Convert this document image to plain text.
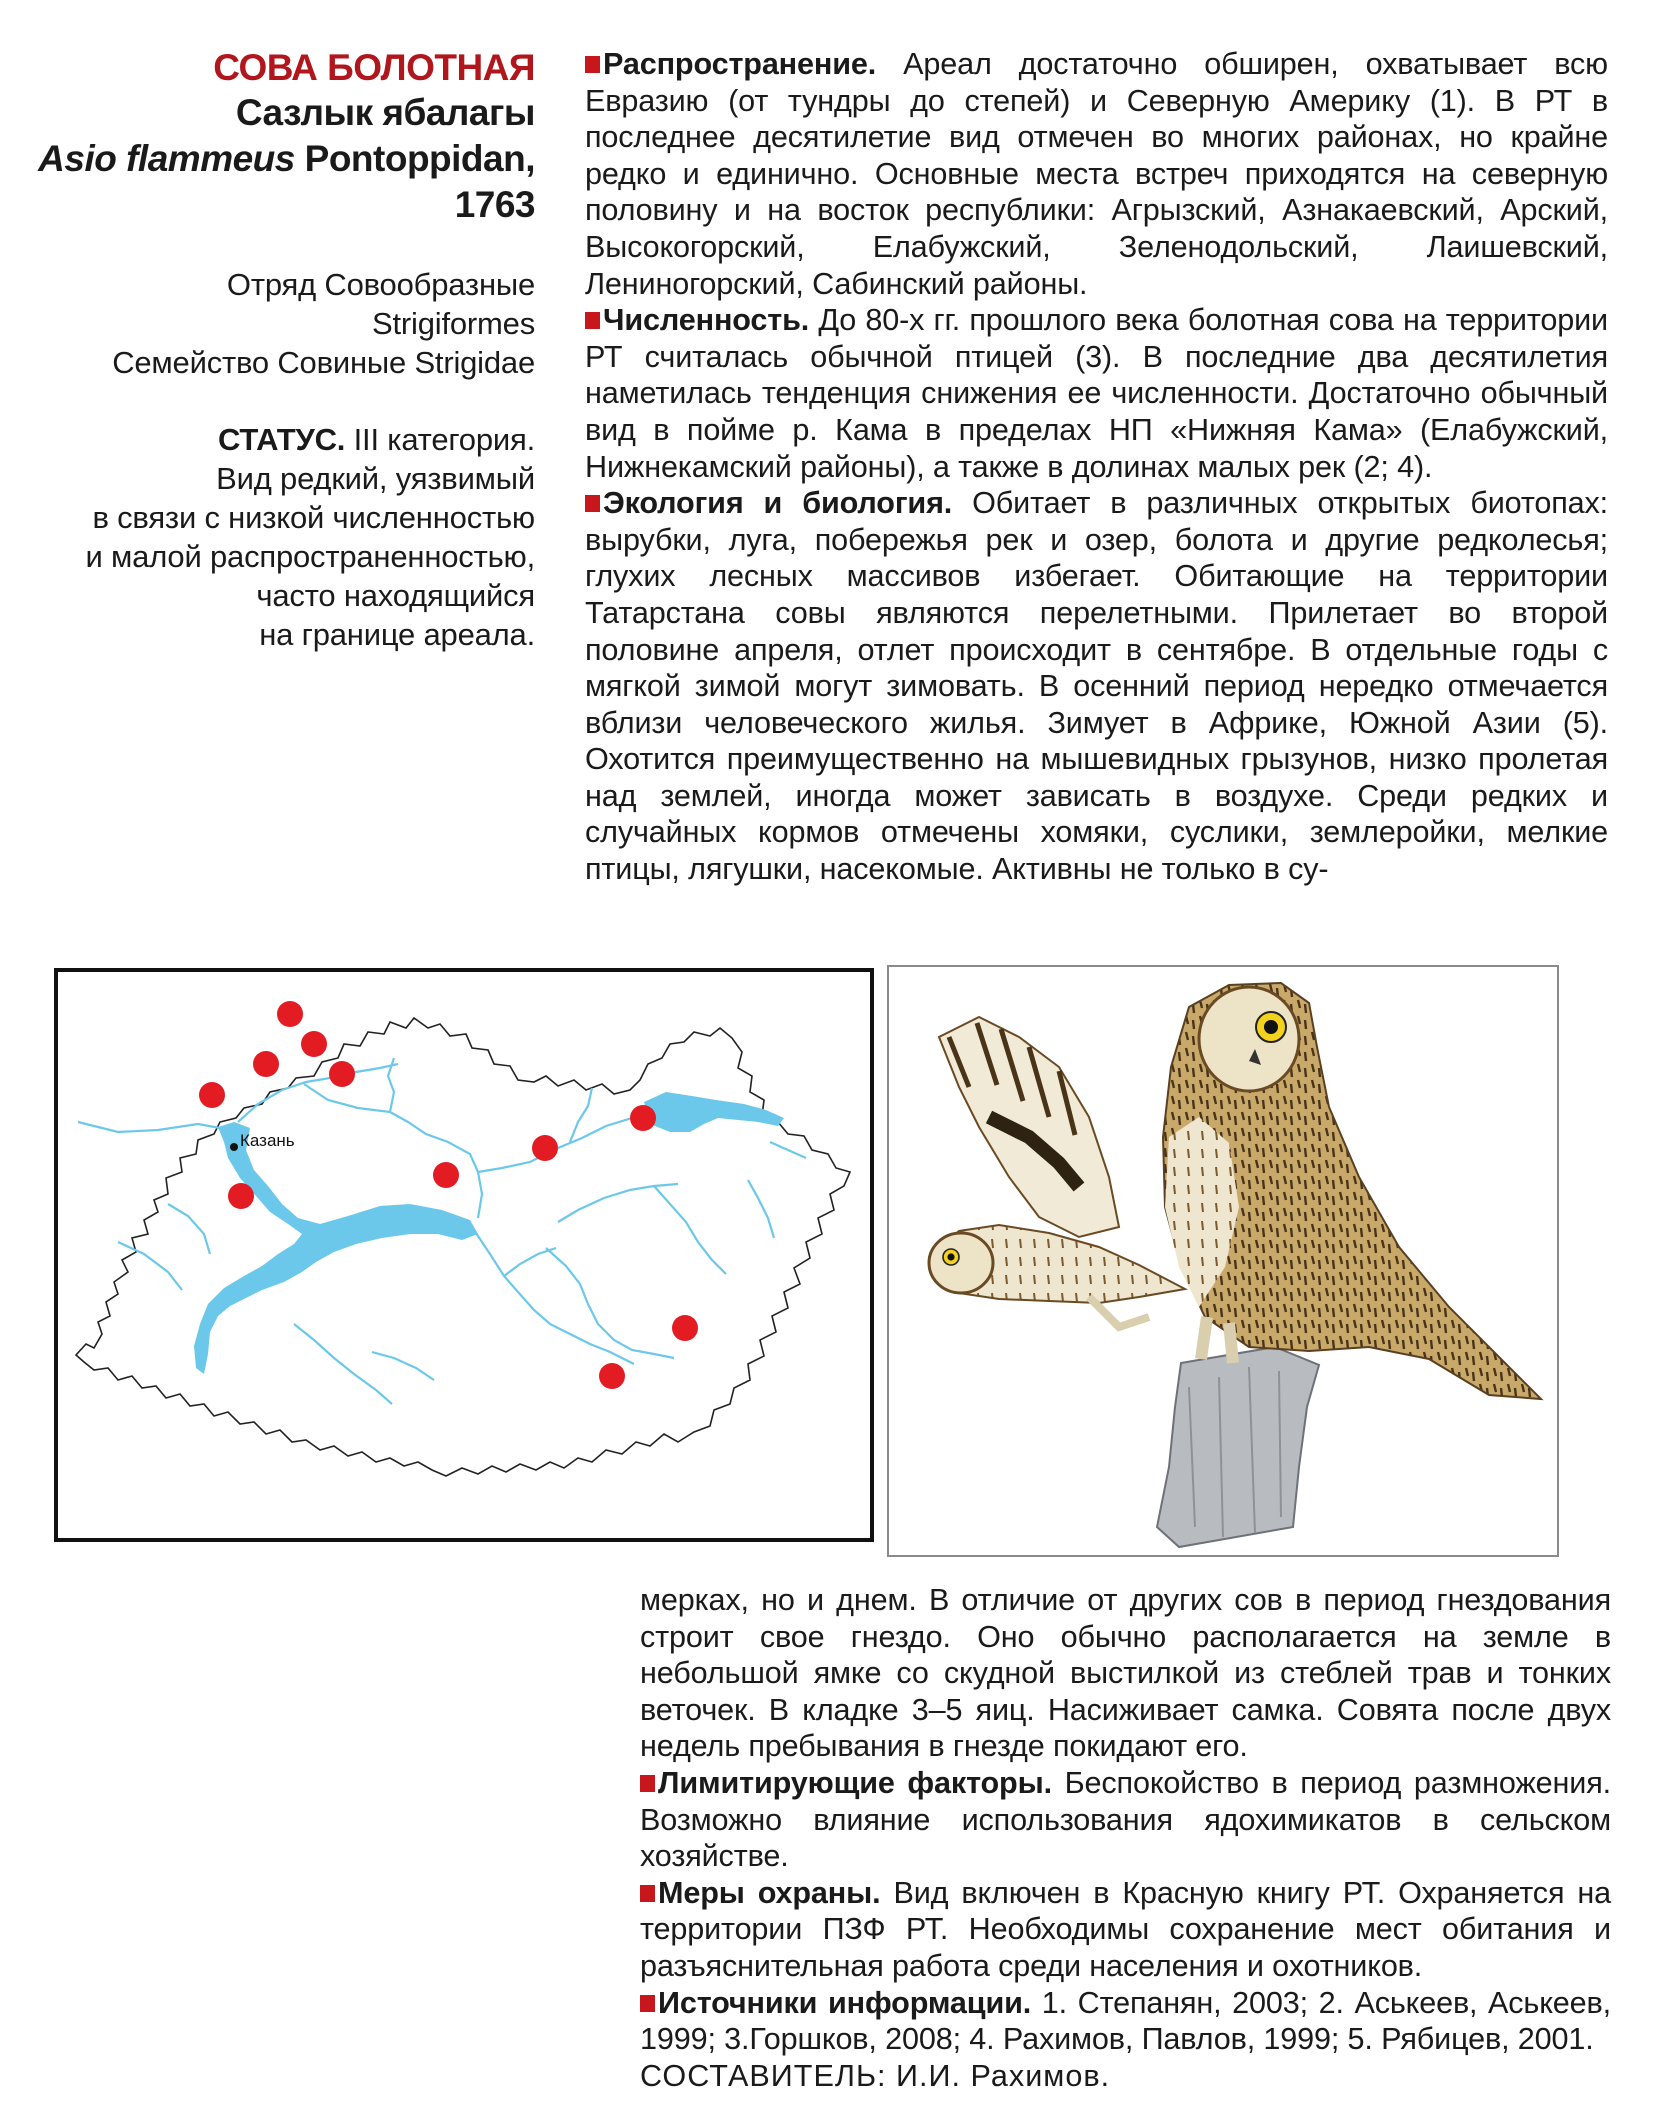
СОВА БОЛОТНАЯ
Сазлык ябалагы
Asio flammeus Pontoppidan,
1763
Отряд Совообразные
Strigiformes
Семейство Совиные Strigidae
СТАТУС. III категория.
Вид редкий, уязвимый
в связи с низкой численностью
и малой распространенностью,
часто находящийся
на границе ареала.

Распространение. Ареал достаточно обширен, охватывает всю Евразию (от тундры до степей) и Северную Америку (1). В РТ в последнее десятилетие вид отмечен во многих районах, но крайне редко и единично. Основные места встреч приходятся на северную половину и на восток республики: Агрызский, Азнакаевский, Арский, Высокогорский, Елабужский, Зеленодольский, Лаишевский, Лениногорский, Сабинский районы.

Численность. До 80-х гг. прошлого века болотная сова на территории РТ считалась обычной птицей (3). В последние два десятилетия наметилась тенденция снижения ее численности. Достаточно обычный вид в пойме р. Кама в пределах НП «Нижняя Кама» (Елабужский, Нижнекамский районы), а также в долинах малых рек (2; 4).

Экология и биология. Обитает в различных открытых биотопах: вырубки, луга, побережья рек и озер, болота и другие редколесья; глухих лесных массивов избегает. Обитающие на территории Татарстана совы являются перелетными. Прилетает во второй половине апреля, отлет происходит в сентябре. В отдельные годы с мягкой зимой могут зимовать. В осенний период нередко отмечается вблизи человеческого жилья. Зимует в Африке, Южной Азии (5). Охотится преимущественно на мышевидных грызунов, низко пролетая над землей, иногда может зависать в воздухе. Среди редких и случайных кормов отмечены хомяки, суслики, землеройки, мелкие птицы, лягушки, насекомые. Активны не только в су-

Казань

мерках, но и днем. В отличие от других сов в период гнездования строит свое гнездо. Оно обычно располагается на земле в небольшой ямке со скудной выстилкой из стеблей трав и тонких веточек. В кладке 3–5 яиц. Насиживает самка. Совята после двух недель пребывания в гнезде покидают его.

Лимитирующие факторы. Беспокойство в период размножения. Возможно влияние использования ядохимикатов в сельском хозяйстве.

Меры охраны. Вид включен в Красную книгу РТ. Охраняется на территории ПЗФ РТ. Необходимы сохранение мест обитания и разъяснительная работа среди населения и охотников.

Источники информации. 1. Степанян, 2003; 2. Аськеев, Аськеев, 1999; 3.Горшков, 2008; 4. Рахимов, Павлов, 1999; 5. Рябицев, 2001.

СОСТАВИТЕЛЬ: И.И. Рахимов.
